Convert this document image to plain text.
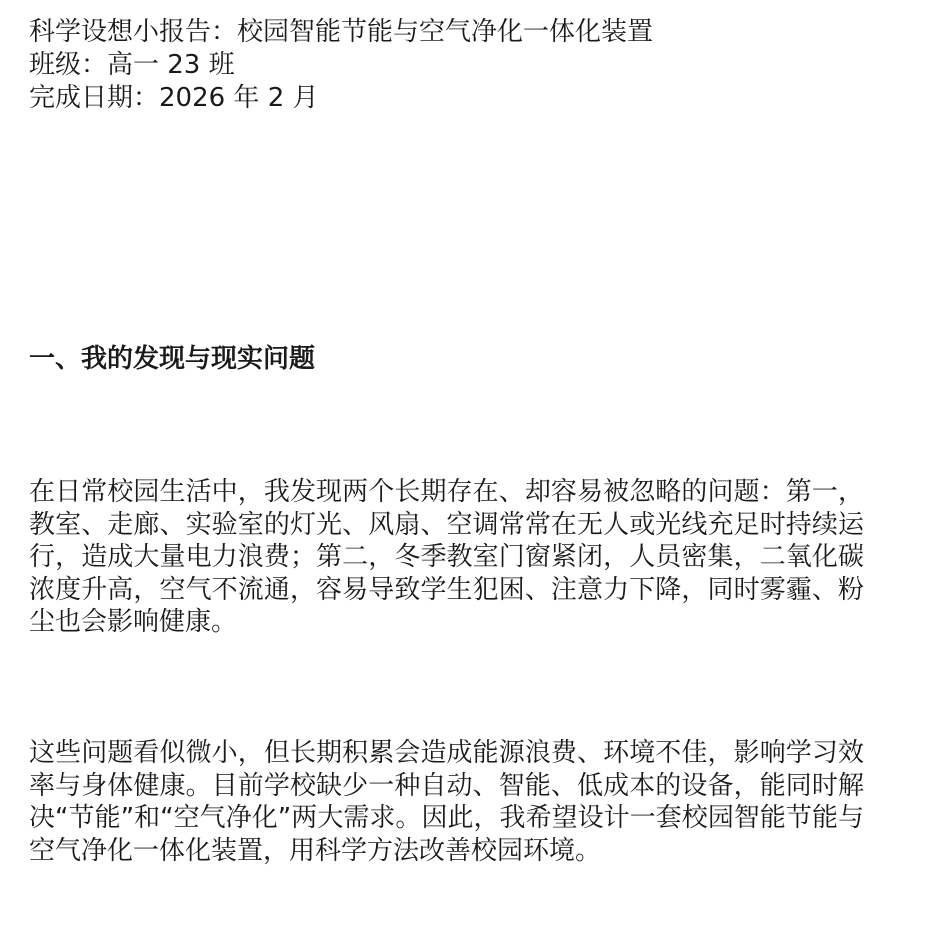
科学设想小报告：校园智能节能与空气净化一体化装置

班级：高一 23 班

完成日期：2026 年 2 月

一、我的发现与现实问题

在日常校园生活中，我发现两个长期存在、却容易被忽略的问题：第一，教室、走廊、实验室的灯光、风扇、空调常常在无人或光线充足时持续运行，造成大量电力浪费；第二，冬季教室门窗紧闭，人员密集，二氧化碳浓度升高，空气不流通，容易导致学生犯困、注意力下降，同时雾霾、粉尘也会影响健康。

这些问题看似微小，但长期积累会造成能源浪费、环境不佳，影响学习效率与身体健康。目前学校缺少一种自动、智能、低成本的设备，能同时解决“节能”和“空气净化”两大需求。因此，我希望设计一套校园智能节能与空气净化一体化装置，用科学方法改善校园环境。
